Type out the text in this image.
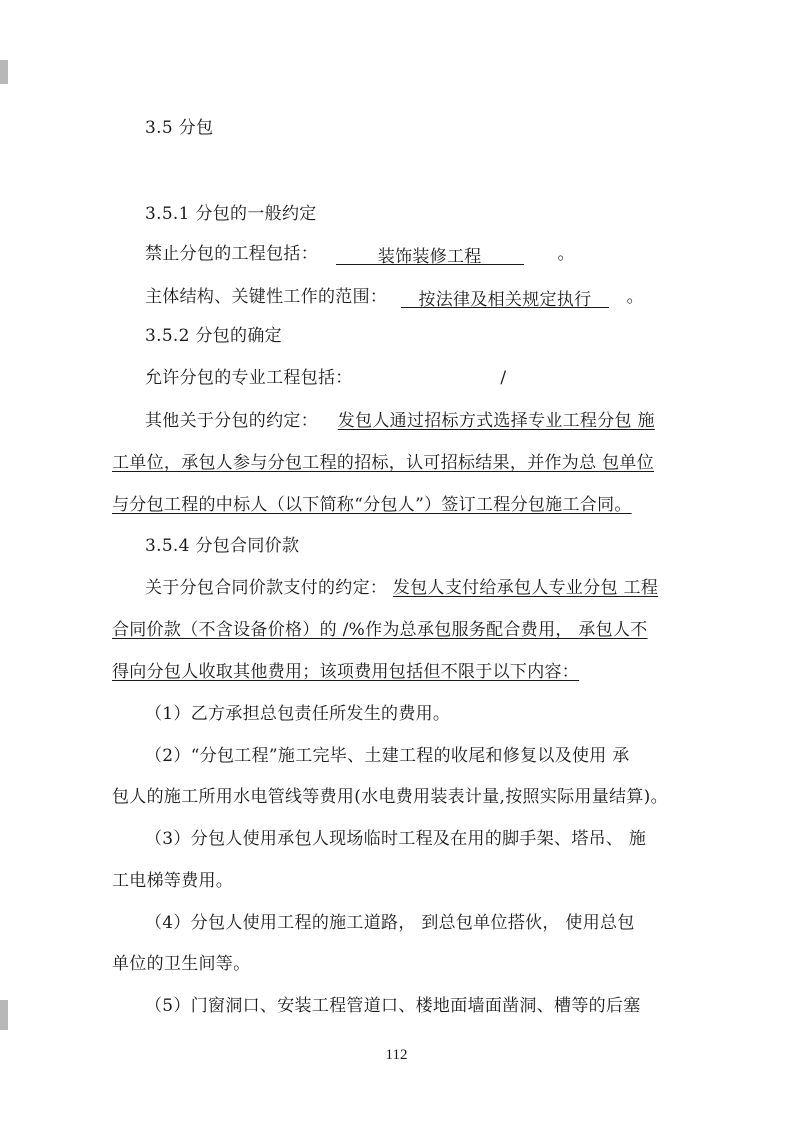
3.5 分包
3.5.1 分包的一般约定
禁止分包的工程包括：	装饰装修工程	。
主体结构、关键性工作的范围： 按法律及相关规定执行 。
3.5.2 分包的确定
允许分包的专业工程包括：	/
其他关于分包的约定： 发包人通过招标方式选择专业工程分包 施
工单位，承包人参与分包工程的招标，认可招标结果，并作为总 包单位
与分包工程的中标人（以下简称“分包人”）签订工程分包施工合同。
3.5.4 分包合同价款
关于分包合同价款支付的约定： 发包人支付给承包人专业分包 工程
合同价款（不含设备价格）的 /%作为总承包服务配合费用， 承包人不
得向分包人收取其他费用；该项费用包括但不限于以下内容：
（1）乙方承担总包责任所发生的费用。
（2）“分包工程”施工完毕、土建工程的收尾和修复以及使用 承
包人的施工所用水电管线等费用(水电费用装表计量,按照实际用量结算)。
（3）分包人使用承包人现场临时工程及在用的脚手架、塔吊、 施
工电梯等费用。
（4）分包人使用工程的施工道路， 到总包单位搭伙， 使用总包
单位的卫生间等。
（5）门窗洞口、安装工程管道口、楼地面墙面凿洞、槽等的后塞
112
